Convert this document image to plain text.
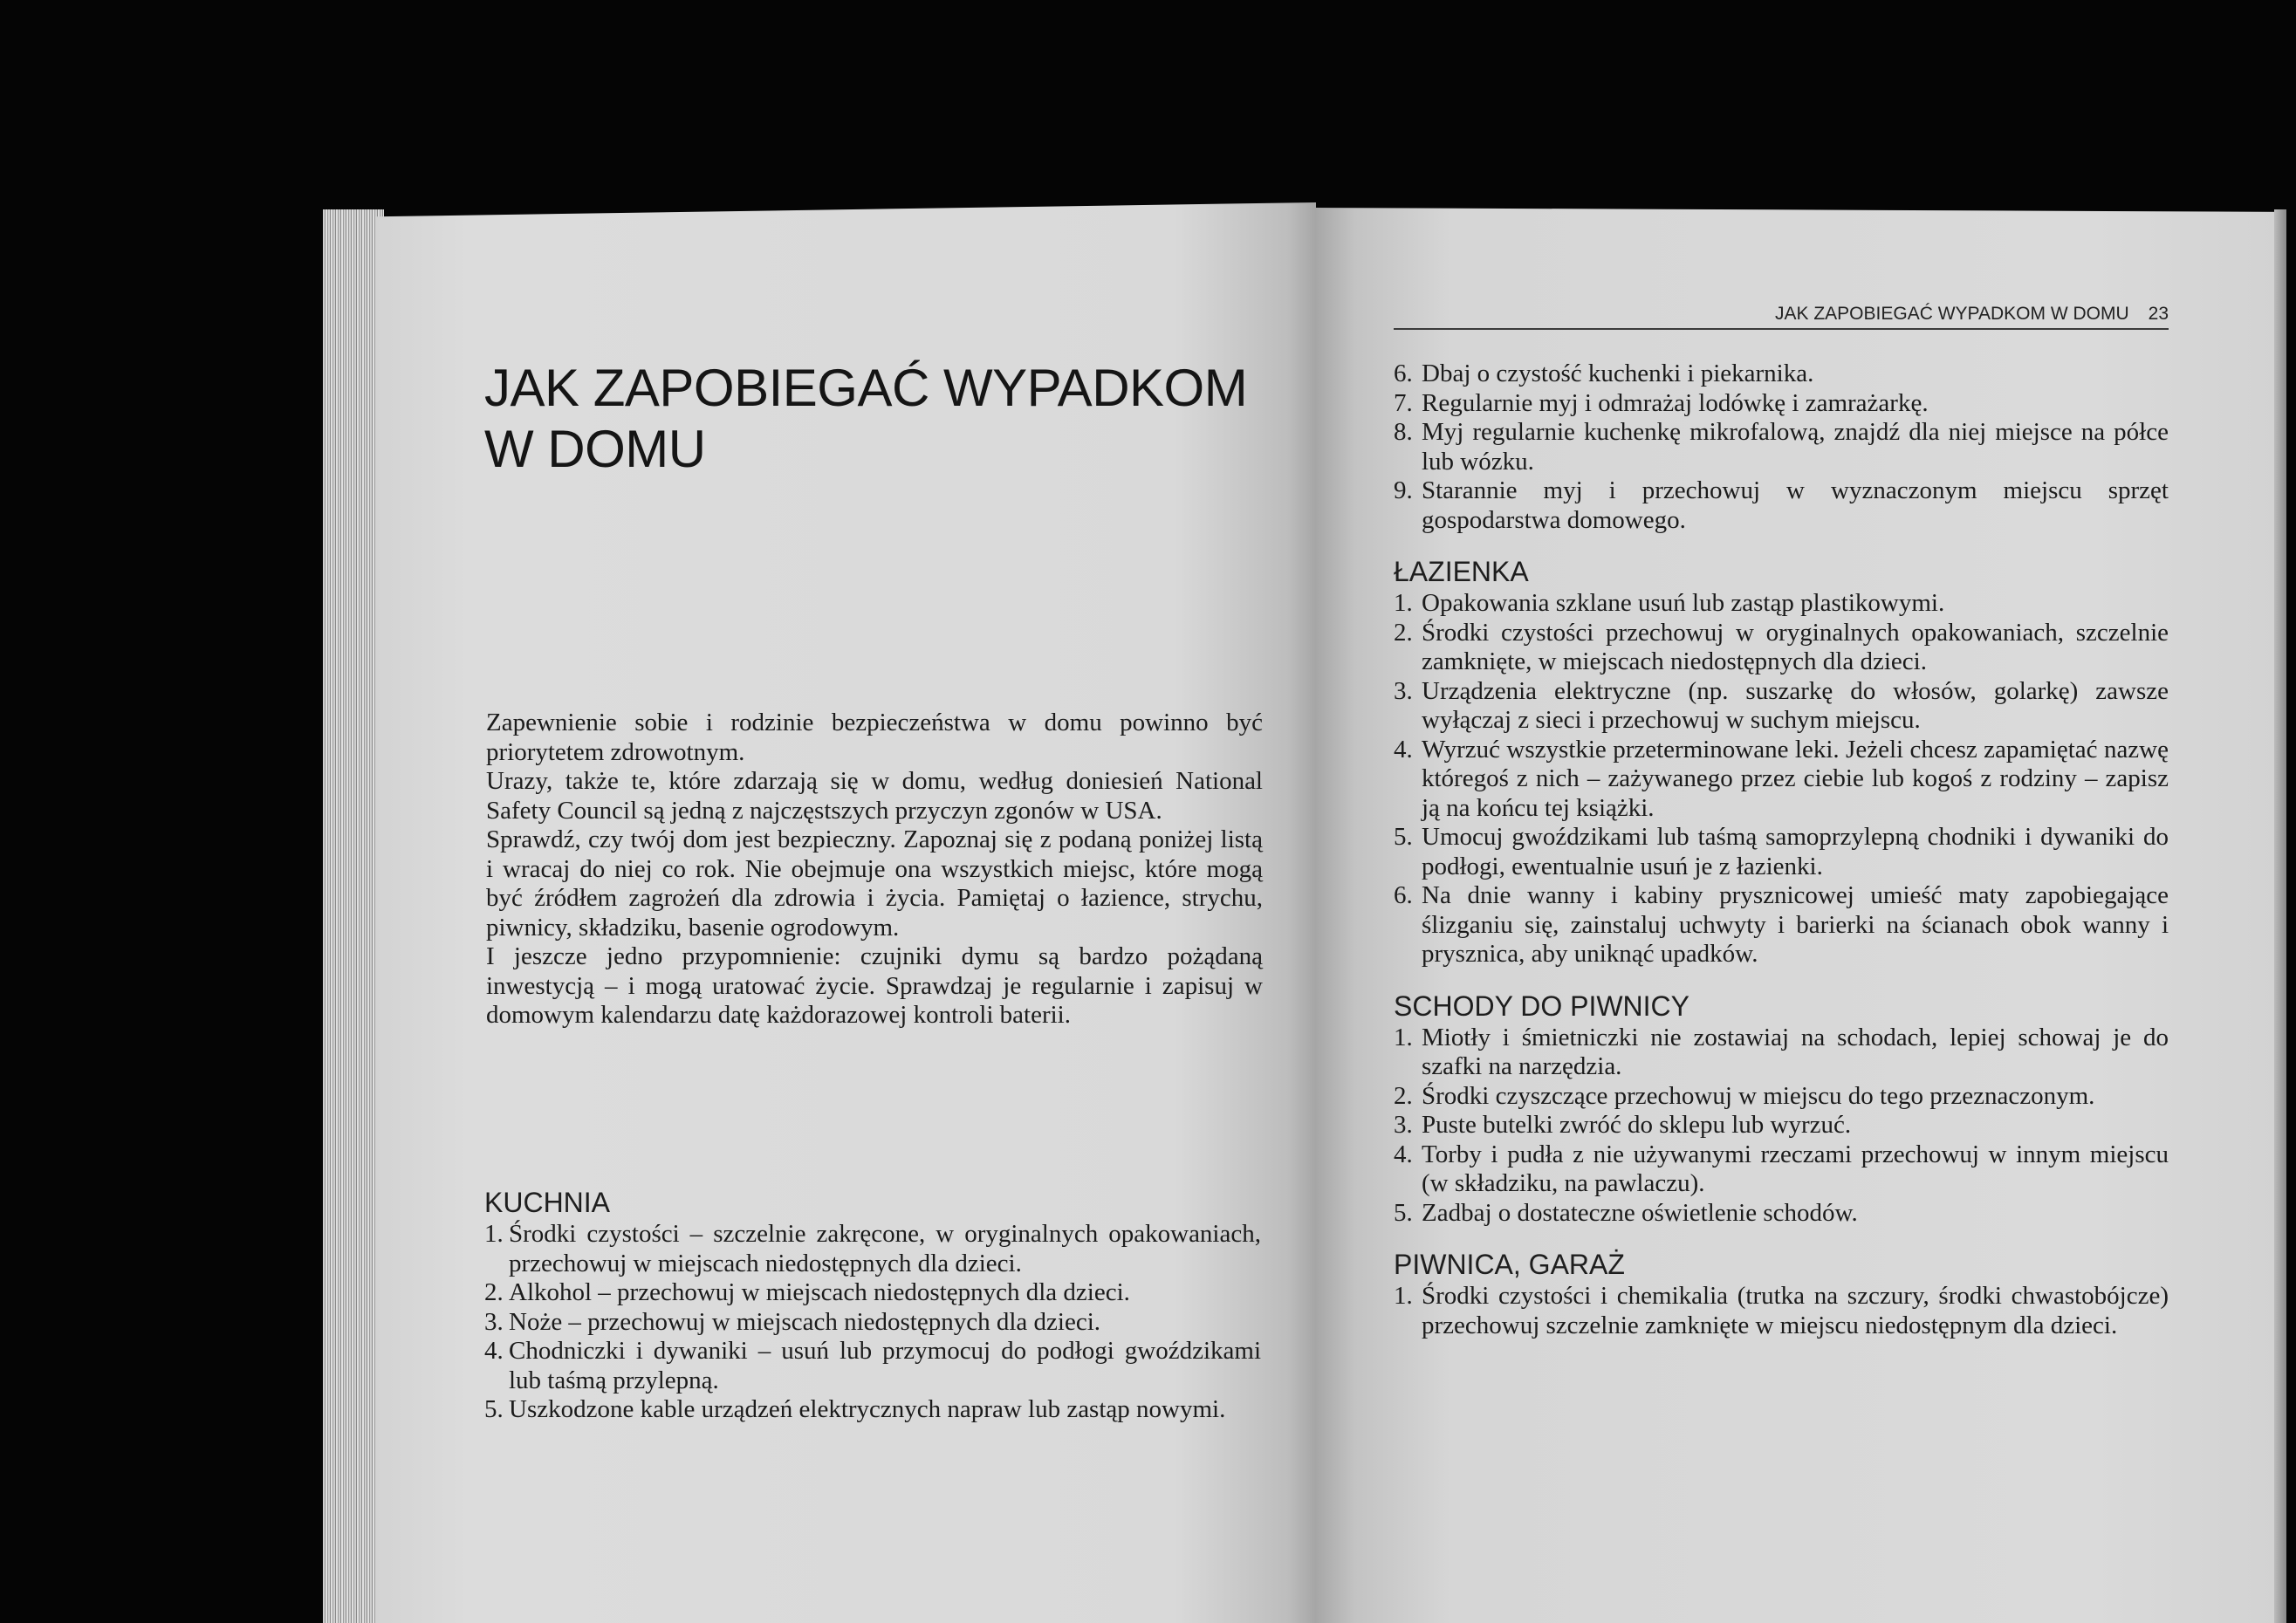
JAK ZAPOBIEGAĆ WYPADKOM
W DOMU

Zapewnienie sobie i rodzinie bezpieczeństwa w domu powinno być priorytetem zdrowotnym.

Urazy, także te, które zdarzają się w domu, według doniesień National Safety Council są jedną z najczęstszych przyczyn zgonów w USA.

Sprawdź, czy twój dom jest bezpieczny. Zapoznaj się z podaną poniżej listą i wracaj do niej co rok. Nie obejmuje ona wszystkich miejsc, które mogą być źródłem zagrożeń dla zdrowia i życia. Pamiętaj o łazience, strychu, piwnicy, składziku, basenie ogrodowym.

I jeszcze jedno przypomnienie: czujniki dymu są bardzo pożądaną inwestycją – i mogą uratować życie. Sprawdzaj je regularnie i zapisuj w domowym kalendarzu datę każdorazowej kontroli baterii.

KUCHNIA
1. Środki czystości – szczelnie zakręcone, w oryginalnych opakowaniach, przechowuj w miejscach niedostępnych dla dzieci.
2. Alkohol – przechowuj w miejscach niedostępnych dla dzieci.
3. Noże – przechowuj w miejscach niedostępnych dla dzieci.
4. Chodniczki i dywaniki – usuń lub przymocuj do podłogi gwoździkami lub taśmą przylepną.
5. Uszkodzone kable urządzeń elektrycznych napraw lub zastąp nowymi.
JAK ZAPOBIEGAĆ WYPADKOM W DOMU 23
6. Dbaj o czystość kuchenki i piekarnika.
7. Regularnie myj i odmrażaj lodówkę i zamrażarkę.
8. Myj regularnie kuchenkę mikrofalową, znajdź dla niej miejsce na półce lub wózku.
9. Starannie myj i przechowuj w wyznaczonym miejscu sprzęt gospodarstwa domowego.
ŁAZIENKA
1. Opakowania szklane usuń lub zastąp plastikowymi.
2. Środki czystości przechowuj w oryginalnych opakowaniach, szczelnie zamknięte, w miejscach niedostępnych dla dzieci.
3. Urządzenia elektryczne (np. suszarkę do włosów, golarkę) zawsze wyłączaj z sieci i przechowuj w suchym miejscu.
4. Wyrzuć wszystkie przeterminowane leki. Jeżeli chcesz zapamiętać nazwę któregoś z nich – zażywanego przez ciebie lub kogoś z rodziny – zapisz ją na końcu tej książki.
5. Umocuj gwoździkami lub taśmą samoprzylepną chodniki i dywaniki do podłogi, ewentualnie usuń je z łazienki.
6. Na dnie wanny i kabiny prysznicowej umieść maty zapobiegające ślizganiu się, zainstaluj uchwyty i barierki na ścianach obok wanny i prysznica, aby uniknąć upadków.
SCHODY DO PIWNICY
1. Miotły i śmietniczki nie zostawiaj na schodach, lepiej schowaj je do szafki na narzędzia.
2. Środki czyszczące przechowuj w miejscu do tego przeznaczonym.
3. Puste butelki zwróć do sklepu lub wyrzuć.
4. Torby i pudła z nie używanymi rzeczami przechowuj w innym miejscu (w składziku, na pawlaczu).
5. Zadbaj o dostateczne oświetlenie schodów.
PIWNICA, GARAŻ
1. Środki czystości i chemikalia (trutka na szczury, środki chwastobójcze) przechowuj szczelnie zamknięte w miejscu niedostępnym dla dzieci.
